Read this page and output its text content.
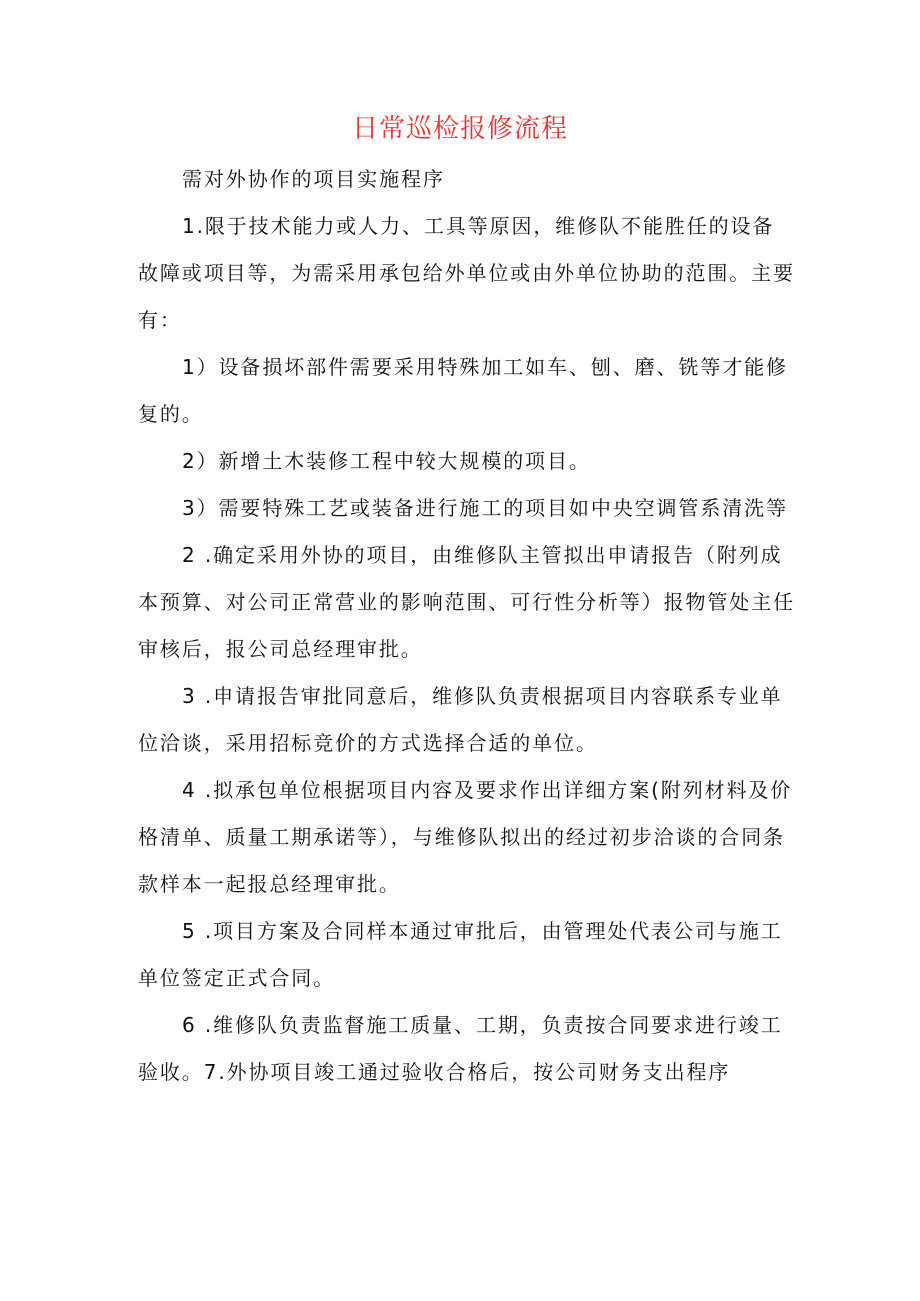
日常巡检报修流程

需对外协作的项目实施程序

1.限于技术能力或人力、工具等原因，维修队不能胜任的设备故障或项目等，为需采用承包给外单位或由外单位协助的范围。主要有：

1）设备损坏部件需要采用特殊加工如车、刨、磨、铣等才能修复的。

2）新增土木装修工程中较大规模的项目。

3）需要特殊工艺或装备进行施工的项目如中央空调管系清洗等

2 .确定采用外协的项目，由维修队主管拟出申请报告（附列成本预算、对公司正常营业的影响范围、可行性分析等）报物管处主任审核后，报公司总经理审批。

3 .申请报告审批同意后，维修队负责根据项目内容联系专业单位洽谈，采用招标竞价的方式选择合适的单位。

4 .拟承包单位根据项目内容及要求作出详细方案(附列材料及价格清单、质量工期承诺等），与维修队拟出的经过初步洽谈的合同条款样本一起报总经理审批。

5 .项目方案及合同样本通过审批后，由管理处代表公司与施工单位签定正式合同。

6 .维修队负责监督施工质量、工期，负责按合同要求进行竣工验收。7.外协项目竣工通过验收合格后，按公司财务支出程序
